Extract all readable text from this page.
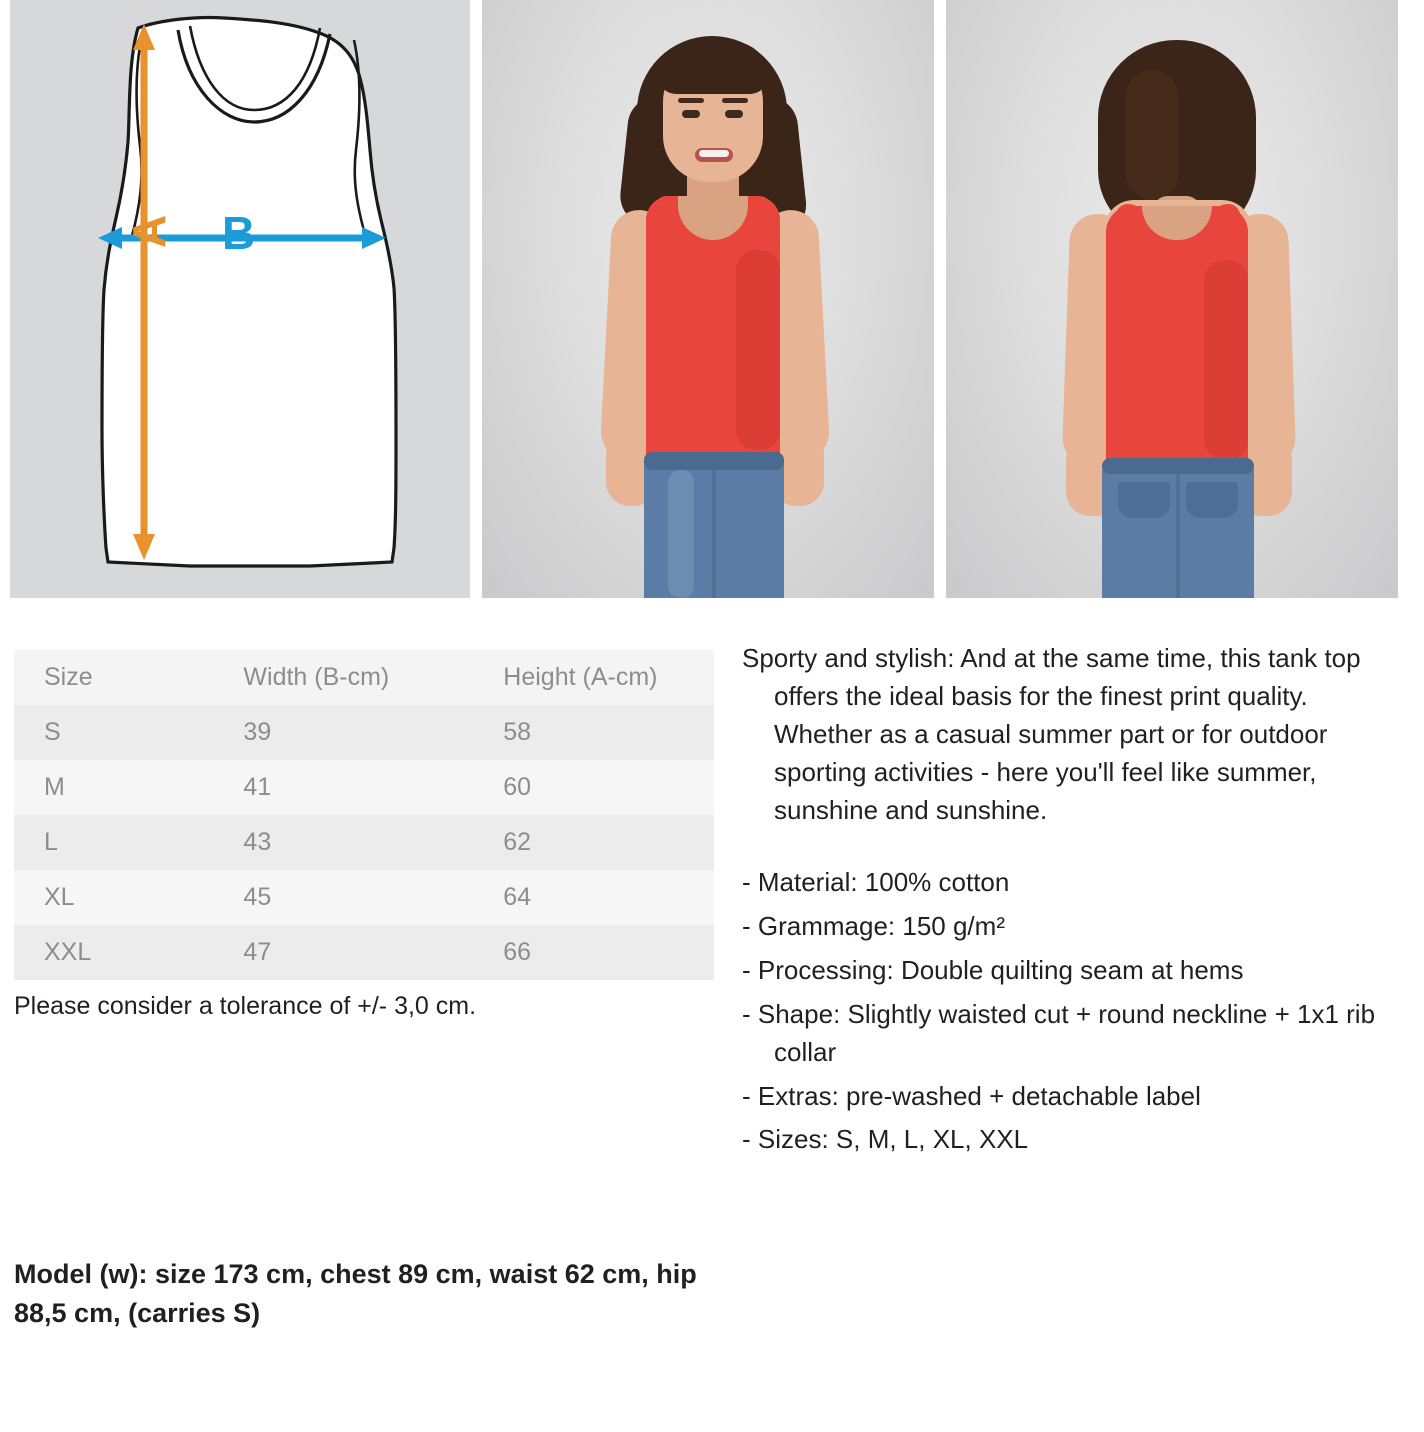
B
A
Size	Width (B-cm)	Height (A-cm)
S	39	58
M	41	60
L	43	62
XL	45	64
XXL	47	66
Please consider a tolerance of +/- 3,0 cm.
Model (w): size 173 cm, chest 89 cm, waist 62 cm, hip 88,5 cm, (carries S)

Sporty and stylish: And at the same time, this tank top offers the ideal basis for the finest print quality. Whether as a casual summer part or for outdoor sporting activities - here you'll feel like summer, sunshine and sunshine.

- Material: 100% cotton

- Grammage: 150 g/m²

- Processing: Double quilting seam at hems

- Shape: Slightly waisted cut + round neckline + 1x1 rib collar

- Extras: pre-washed + detachable label

- Sizes: S, M, L, XL, XXL
